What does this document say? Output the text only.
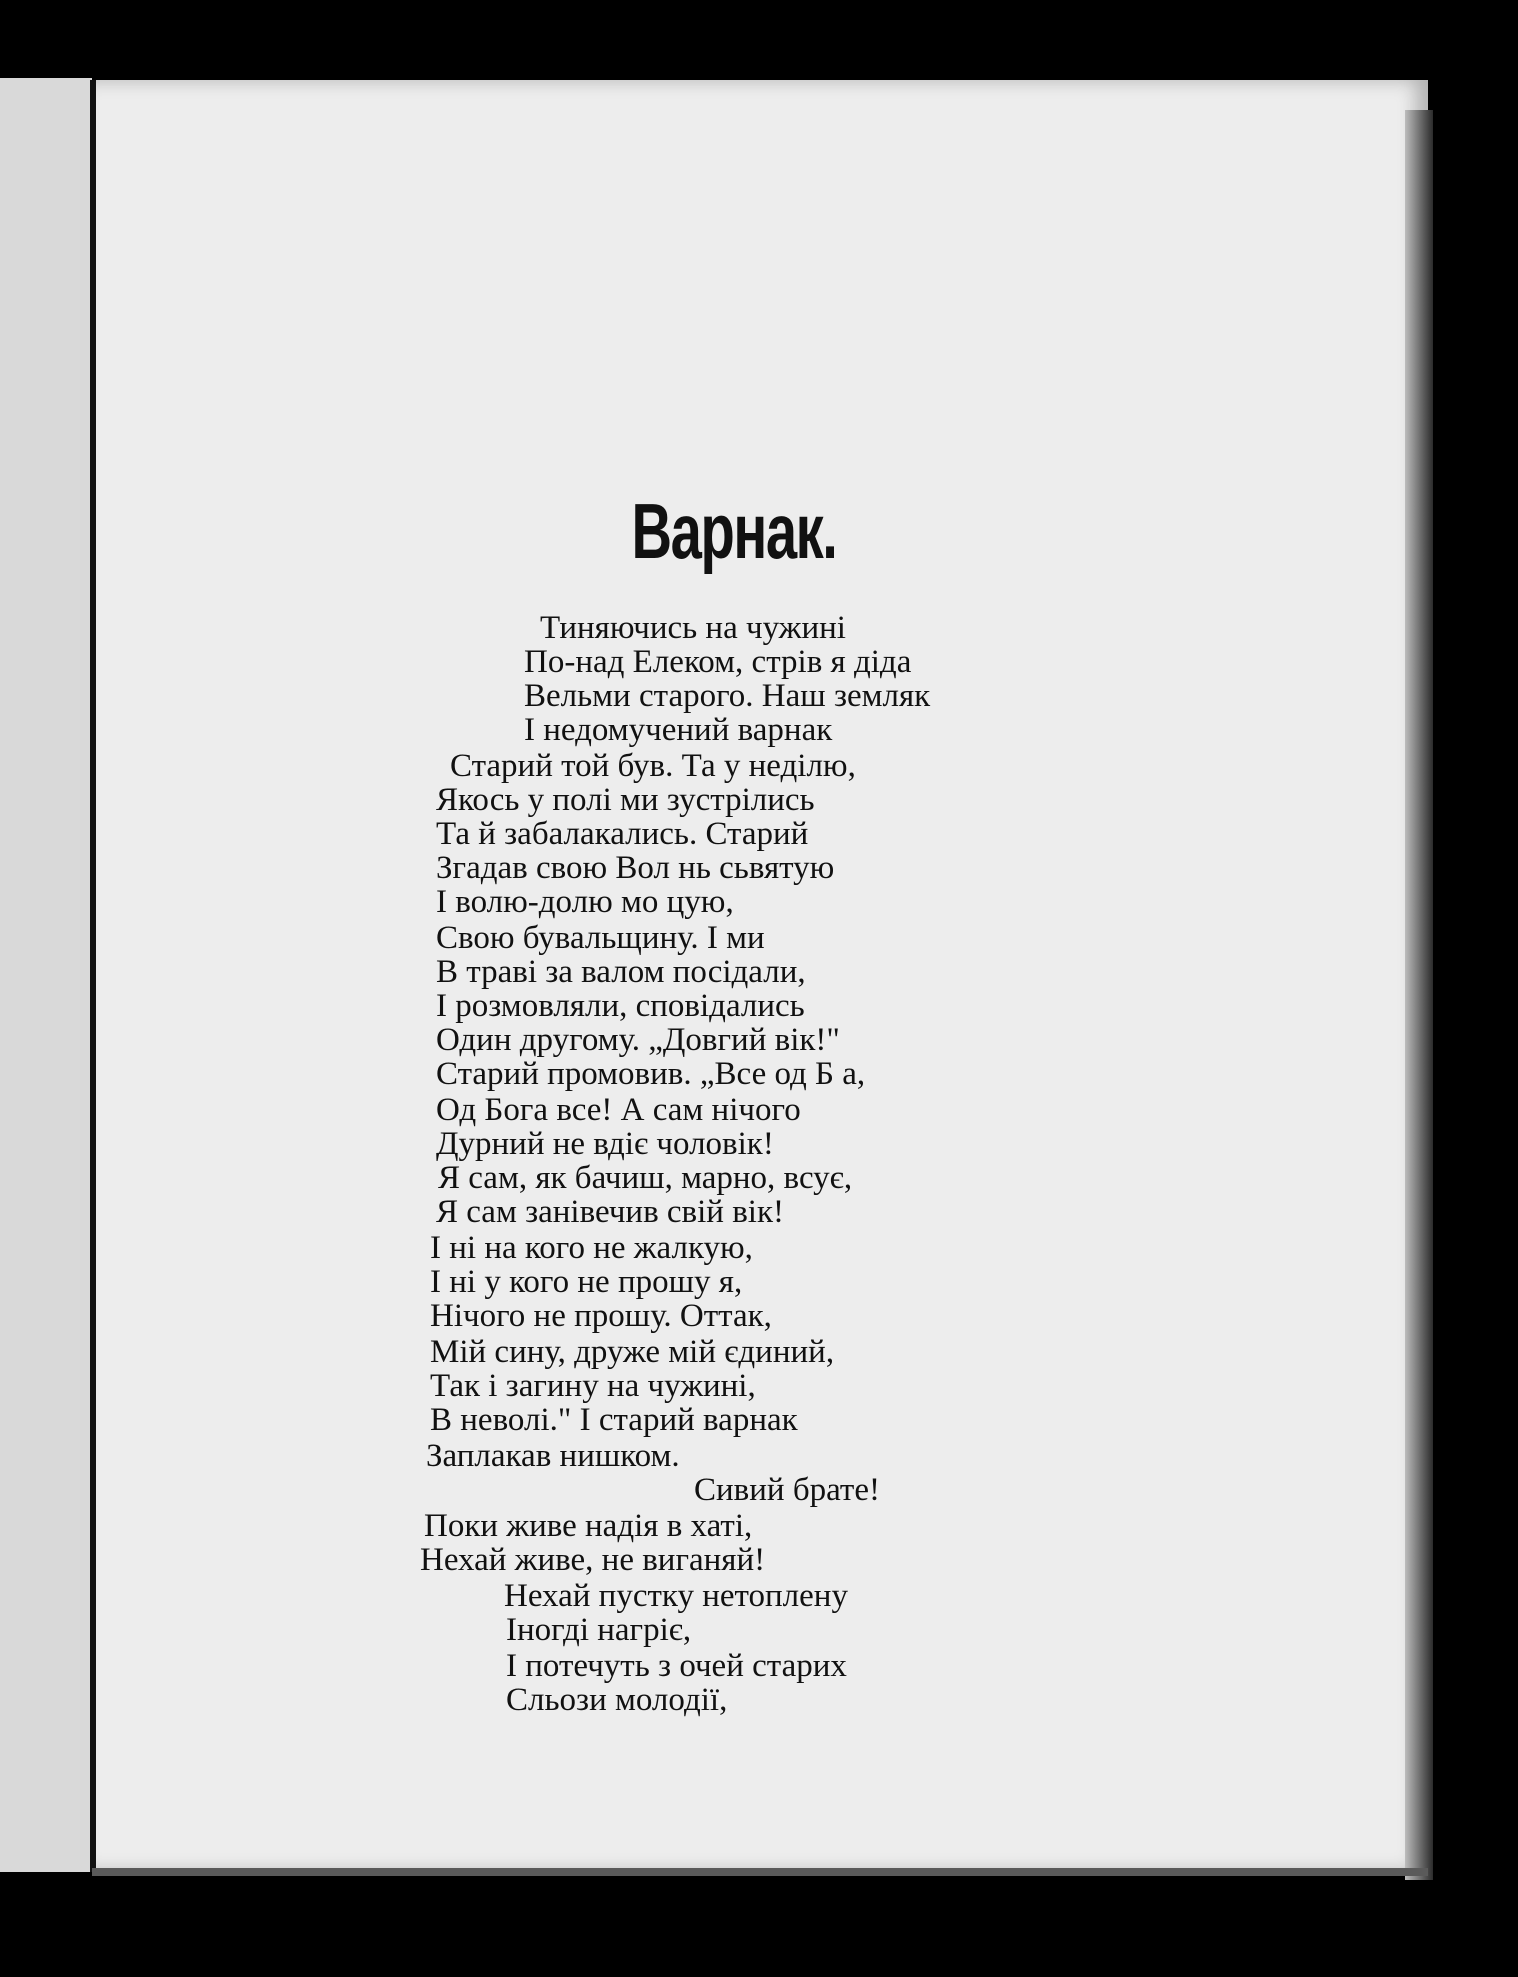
Варнак.
Тиняючись на чужині
По-над Елеком, стрів я діда
Вельми старого. Наш земляк
І недомучений варнак
Старий той був. Та у неділю,
Якось у полі ми зустрілись
Та й забалакались. Старий
Згадав свою Вол нь сьвятую
І волю-долю мо цую,
Свою бувальщину. І ми
В траві за валом посідали,
І розмовляли, сповідались
Один другому. „Довгий вік!"
Старий промовив. „Все од Б а,
Од Бога все! А сам нічого
Дурний не вдіє чоловік!
Я сам, як бачиш, марно, всує,
Я сам занівечив свій вік!
І ні на кого не жалкую,
І ні у кого не прошу я,
Нічого не прошу. Оттак,
Мій сину, друже мій єдиний,
Так і загину на чужині,
В неволі." І старий варнак
Заплакав нишком.
Сивий брате!
Поки живе надія в хаті,
Нехай живе, не виганяй!
Нехай пустку нетоплену
Іногді нагріє,
І потечуть з очей старих
Сльози молодії,
